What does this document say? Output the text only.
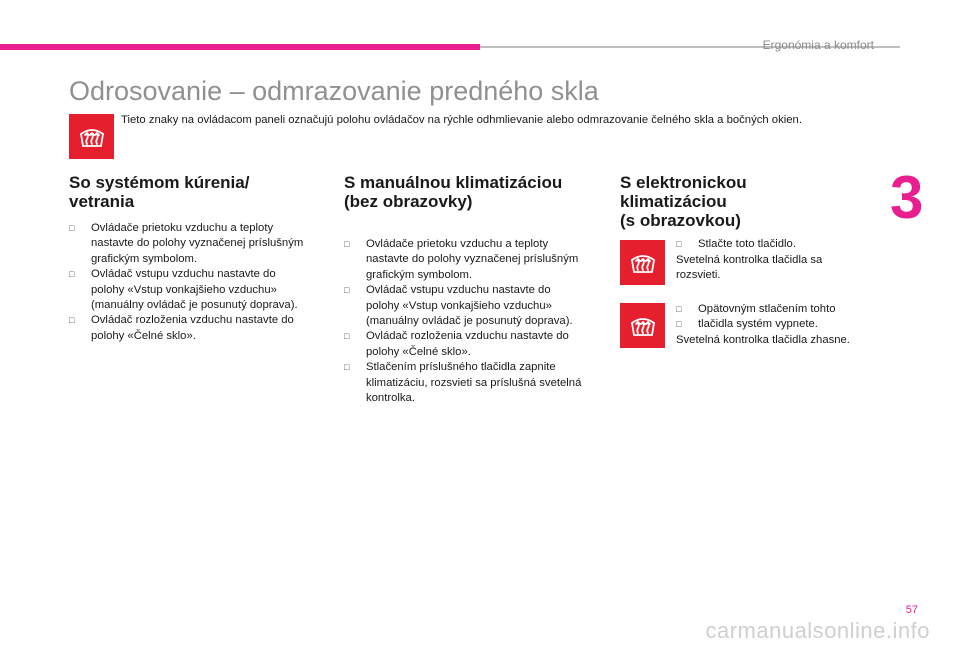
Ergonómia a komfort
3
Odrosovanie – odmrazovanie predného skla
Tieto znaky na ovládacom paneli označujú polohu ovládačov na rýchle odhmlievanie alebo odmrazovanie čelného skla a bočných okien.
So systémom kúrenia/
vetrania
□ Ovládače prietoku vzduchu a teploty
nastavte do polohy vyznačenej príslušným
grafickým symbolom.
□ Ovládač vstupu vzduchu nastavte do
polohy «Vstup vonkajšieho vzduchu»
(manuálny ovládač je posunutý doprava).
□ Ovládač rozloženia vzduchu nastavte do
polohy «Čelné sklo».
S manuálnou klimatizáciou
(bez obrazovky)
□ Ovládače prietoku vzduchu a teploty
nastavte do polohy vyznačenej príslušným
grafickým symbolom.
□ Ovládač vstupu vzduchu nastavte do
polohy «Vstup vonkajšieho vzduchu»
(manuálny ovládač je posunutý doprava).
□ Ovládač rozloženia vzduchu nastavte do
polohy «Čelné sklo».
□ Stlačením príslušného tlačidla zapnite
klimatizáciu, rozsvieti sa príslušná svetelná
kontrolka.
S elektronickou
klimatizáciou
(s obrazovkou)

□ Stlačte toto tlačidlo.

Svetelná kontrolka tlačidla sa
rozsvieti.

□ Opätovným stlačením tohto
□ tlačidla systém vypnete.

Svetelná kontrolka tlačidla zhasne.

57
carmanualsonline.info
